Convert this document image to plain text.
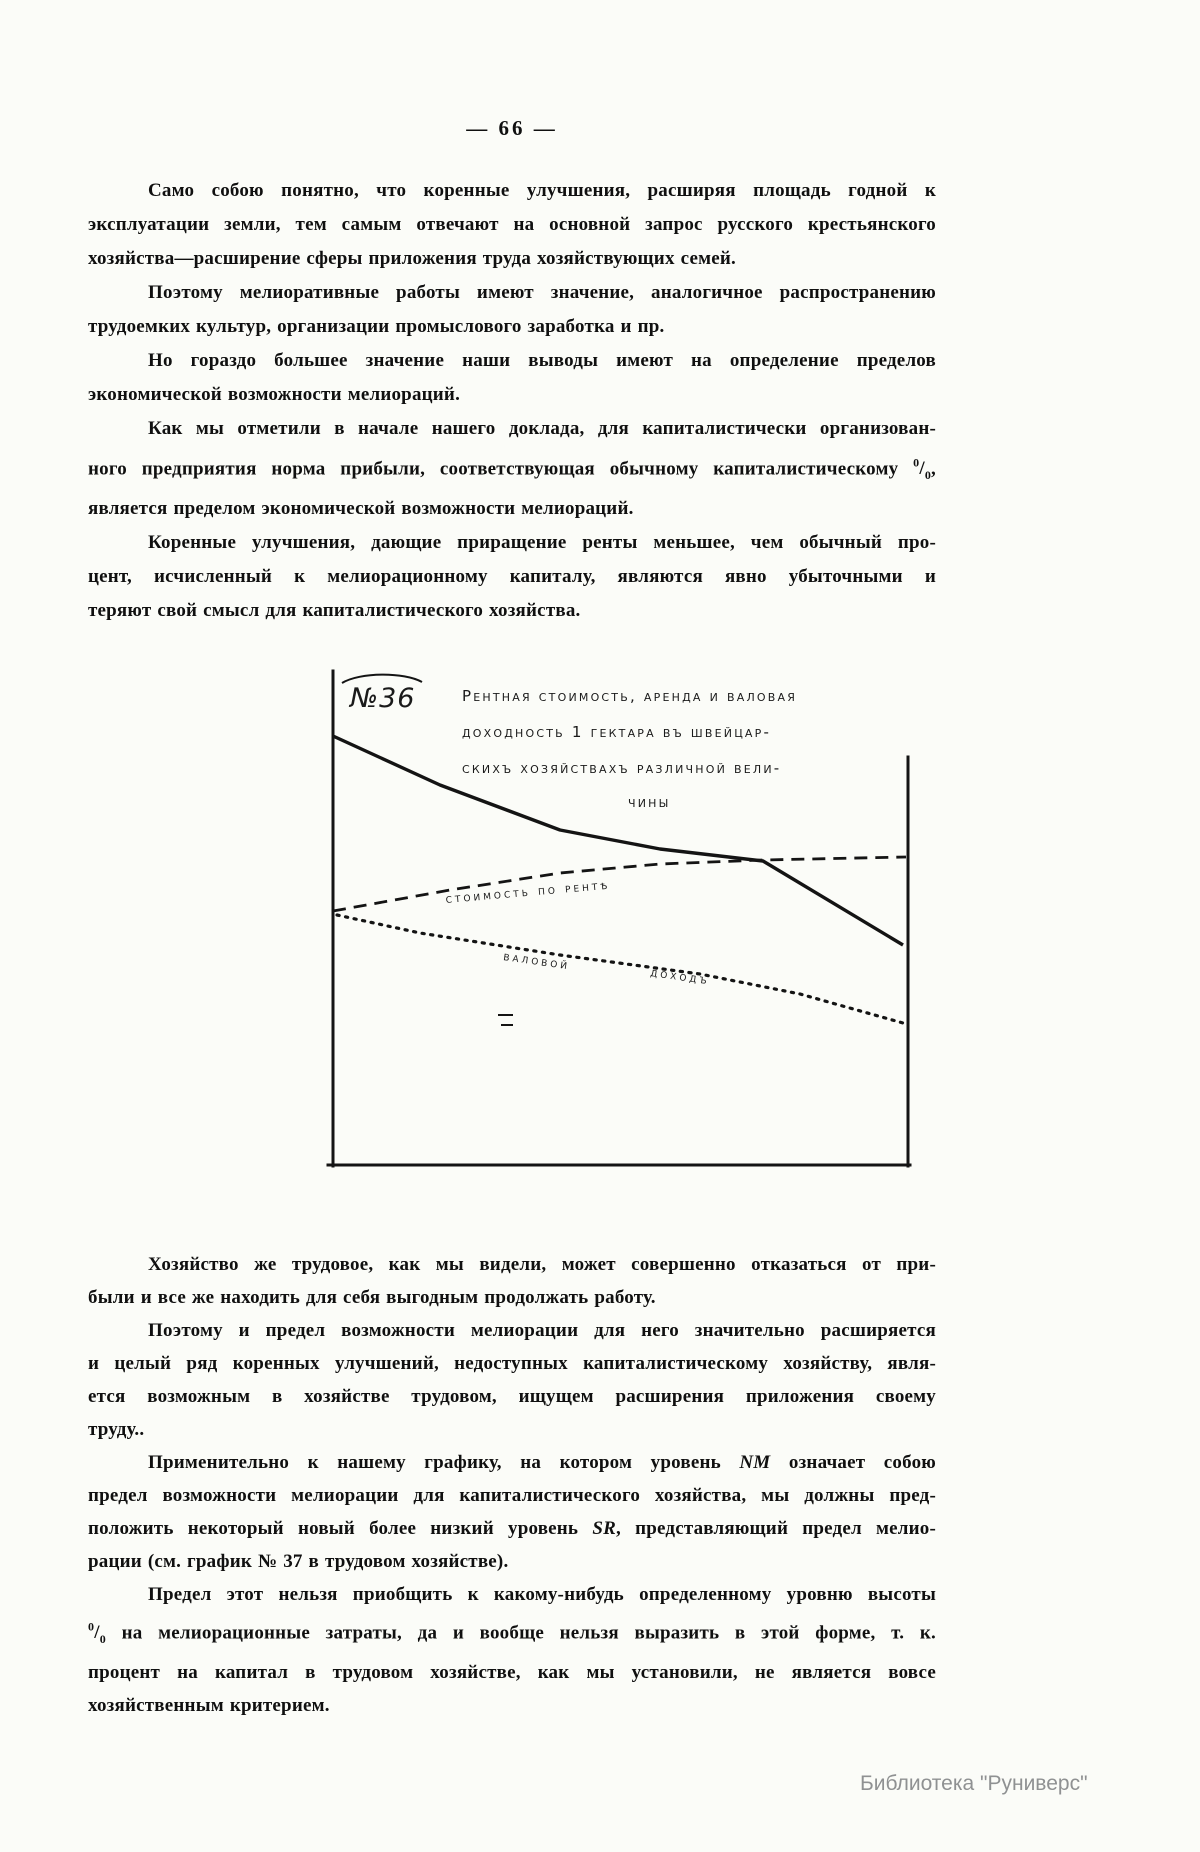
— 66 —
Само собою понятно, что коренные улучшения, расширяя площадь годной к
эксплуатации земли, тем самым отвечают на основной запрос русского крестьянского
хозяйства—расширение сферы приложения труда хозяйствующих семей.
Поэтому мелиоративные работы имеют значение, аналогичное распространению
трудоемких культур, организации промыслового заработка и пр.
Но гораздо большее значение наши выводы имеют на определение пределов
экономической возможности мелиораций.
Как мы отметили в начале нашего доклада, для капиталистически организован-
ного предприятия норма прибыли, соответствующая обычному капиталистическому $^0/_0$,
является пределом экономической возможности мелиораций.
Коренные улучшения, дающие приращение ренты меньшее, чем обычный про-
цент, исчисленный к мелиорационному капиталу, являются явно убыточными и
теряют свой смысл для капиталистического хозяйства.
№36	Рентная стоимость, аренда и валовая
доходность 1 гектара въ швейцар-
скихъ хозяйствахъ различной вели-
чины
стоимость по рентѣ
валовой
доходъ
Хозяйство же трудовое, как мы видели, может совершенно отказаться от при-
были и все же находить для себя выгодным продолжать работу.
Поэтому и предел возможности мелиорации для него значительно расширяется
и целый ряд коренных улучшений, недоступных капиталистическому хозяйству, явля-
ется возможным в хозяйстве трудовом, ищущем расширения приложения своему
труду..
Применительно к нашему графику, на котором уровень NM означает собою
предел возможности мелиорации для капиталистического хозяйства, мы должны пред-
положить некоторый новый более низкий уровень SR, представляющий предел мелио-
рации (см. график № 37 в трудовом хозяйстве).
Предел этот нельзя приобщить к какому-нибудь определенному уровню высоты
$^0/_0$ на мелиорационные затраты, да и вообще нельзя выразить в этой форме, т. к.
процент на капитал в трудовом хозяйстве, как мы установили, не является вовсе
хозяйственным критерием.
Библиотека "Руниверс"
